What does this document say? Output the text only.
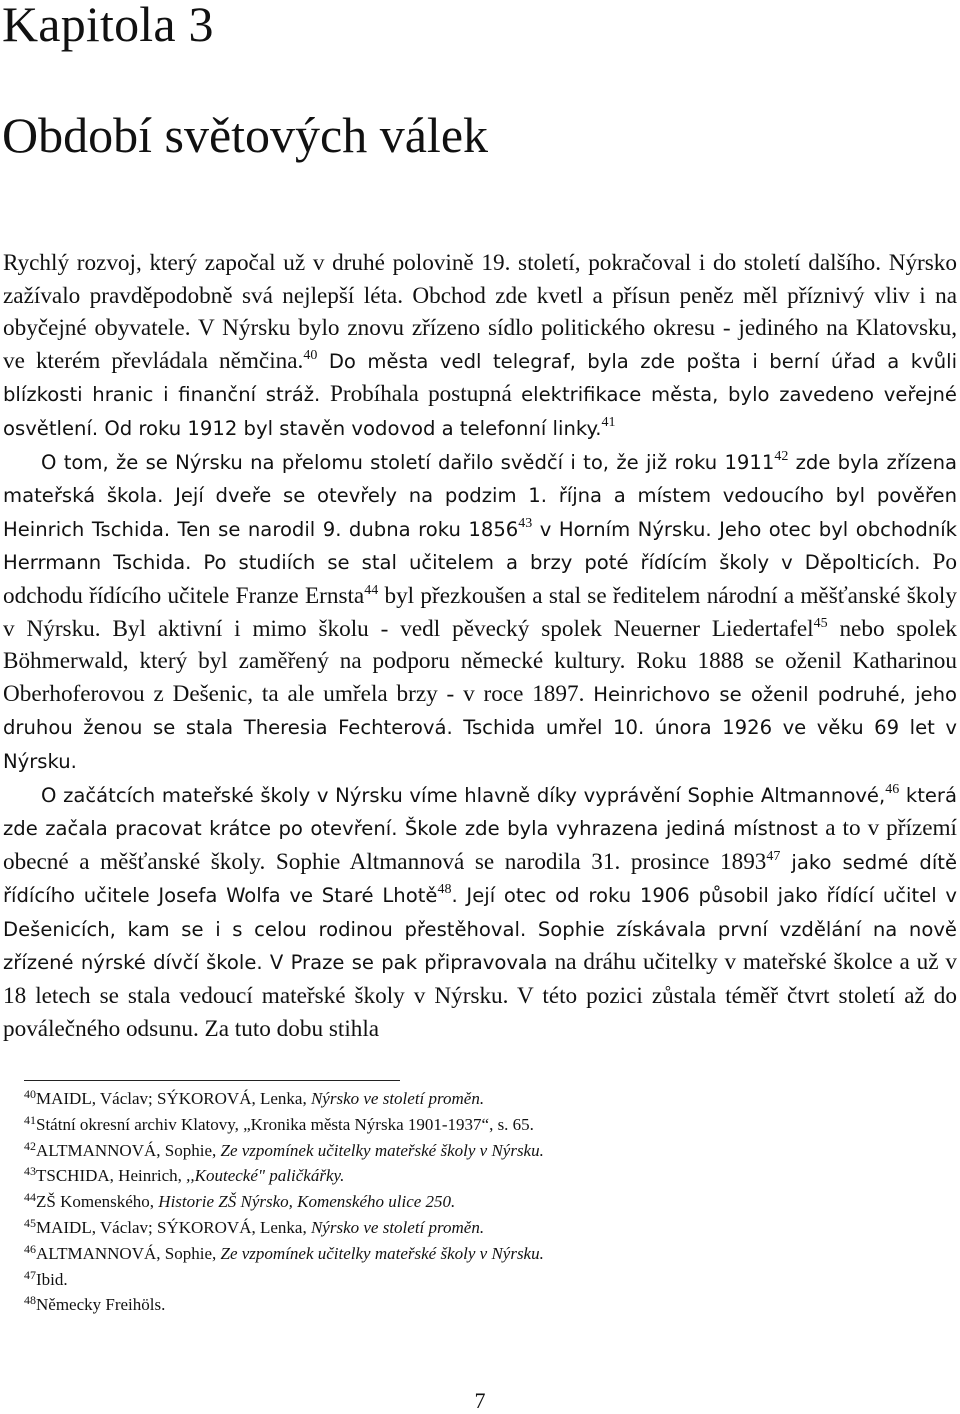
Kapitola 3
Období světových válek

Rychlý rozvoj, který započal už v druhé polovině 19. století, pokračoval i do století dalšího. Nýrsko zažívalo pravděpodobně svá nejlepší léta. Obchod zde kvetl a přísun peněz měl příznivý vliv i na obyčejné obyvatele. V Nýrsku bylo znovu zřízeno sídlo politického okresu - jediného na Klatovsku, ve kterém převládala němčina.$^{40}$ Do města vedl telegraf, byla zde pošta i berní úřad a kvůli blízkosti hranic i finanční stráž. Probíhala postupná elektrifikace města, bylo zavedeno veřejné osvětlení. Od roku 1912 byl stavěn vodovod a telefonní linky.$^{41}$

O tom, že se Nýrsku na přelomu století dařilo svědčí i to, že již roku 1911$^{42}$ zde byla zřízena mateřská škola. Její dveře se otevřely na podzim 1. října a místem vedoucího byl pověřen Heinrich Tschida. Ten se narodil 9. dubna roku 1856$^{43}$ v Horním Nýrsku. Jeho otec byl obchodník Herrmann Tschida. Po studiích se stal učitelem a brzy poté řídícím školy v Děpolticích. Po odchodu řídícího učitele Franze Ernsta$^{44}$ byl přezkoušen a stal se ředitelem národní a měšťanské školy v Nýrsku. Byl aktivní i mimo školu - vedl pěvecký spolek Neuerner Liedertafel$^{45}$ nebo spolek Böhmerwald, který byl zaměřený na podporu německé kultury. Roku 1888 se oženil Katharinou Oberhoferovou z Dešenic, ta ale umřela brzy - v roce 1897. Heinrichovo se oženil podruhé, jeho druhou ženou se stala Theresia Fechterová. Tschida umřel 10. února 1926 ve věku 69 let v Nýrsku.

O začátcích mateřské školy v Nýrsku víme hlavně díky vyprávění Sophie Altmannové,$^{46}$ která zde začala pracovat krátce po otevření. Škole zde byla vyhrazena jediná místnost a to v přízemí obecné a měšťanské školy. Sophie Altmannová se narodila 31. prosince 1893$^{47}$ jako sedmé dítě řídícího učitele Josefa Wolfa ve Staré Lhotě$^{48}$. Její otec od roku 1906 působil jako řídící učitel v Dešenicích, kam se i s celou rodinou přestěhoval. Sophie získávala první vzdělání na nově zřízené nýrské dívčí škole. V Praze se pak připravovala na dráhu učitelky v mateřské školce a už v 18 letech se stala vedoucí mateřské školy v Nýrsku. V této pozici zůstala téměř čtvrt století až do poválečného odsunu. Za tuto dobu stihla

$^{40}$MAIDL, Václav; SÝKOROVÁ, Lenka, Nýrsko ve století proměn.
$^{41}$Státní okresní archiv Klatovy, „Kronika města Nýrska 1901-1937“, s. 65.
$^{42}$ALTMANNOVÁ, Sophie, Ze vzpomínek učitelky mateřské školy v Nýrsku.
$^{43}$TSCHIDA, Heinrich, ,,Koutecké" paličkářky.
$^{44}$ZŠ Komenského, Historie ZŠ Nýrsko, Komenského ulice 250.
$^{45}$MAIDL, Václav; SÝKOROVÁ, Lenka, Nýrsko ve století proměn.
$^{46}$ALTMANNOVÁ, Sophie, Ze vzpomínek učitelky mateřské školy v Nýrsku.
$^{47}$Ibid.
$^{48}$Německy Freihöls.
7
